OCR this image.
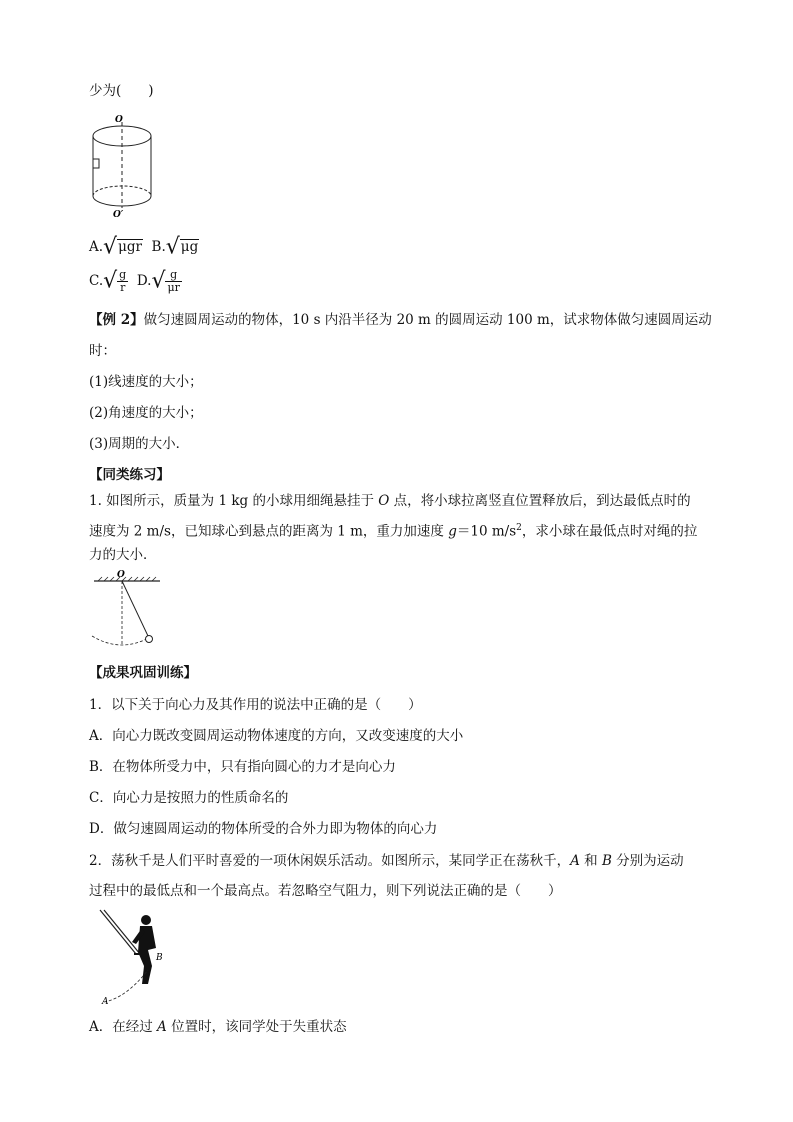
少为(　　)
O
O′
A.√μgr B.√μg
$C.√ \frac{g}{r} D.√ \frac{g}{\mu r}$
【例 2】做匀速圆周运动的物体，10 s 内沿半径为 20 m 的圆周运动 100 m，试求物体做匀速圆周运动
时：
(1)线速度的大小；
(2)角速度的大小；
(3)周期的大小．
【同类练习】
1. 如图所示，质量为 1 kg 的小球用细绳悬挂于 O 点，将小球拉离竖直位置释放后，到达最低点时的
速度为 2 m/s，已知球心到悬点的距离为 1 m，重力加速度 g＝10 $m/s^2$，求小球在最低点时对绳的拉
力的大小．
O
【成果巩固训练】
1．以下关于向心力及其作用的说法中正确的是（　　）
A．向心力既改变圆周运动物体速度的方向，又改变速度的大小
B．在物体所受力中，只有指向圆心的力才是向心力
C．向心力是按照力的性质命名的
D．做匀速圆周运动的物体所受的合外力即为物体的向心力
2．荡秋千是人们平时喜爱的一项休闲娱乐活动。如图所示，某同学正在荡秋千，A 和 B 分别为运动
过程中的最低点和一个最高点。若忽略空气阻力，则下列说法正确的是（　　）
B
A
A．在经过 A 位置时，该同学处于失重状态
